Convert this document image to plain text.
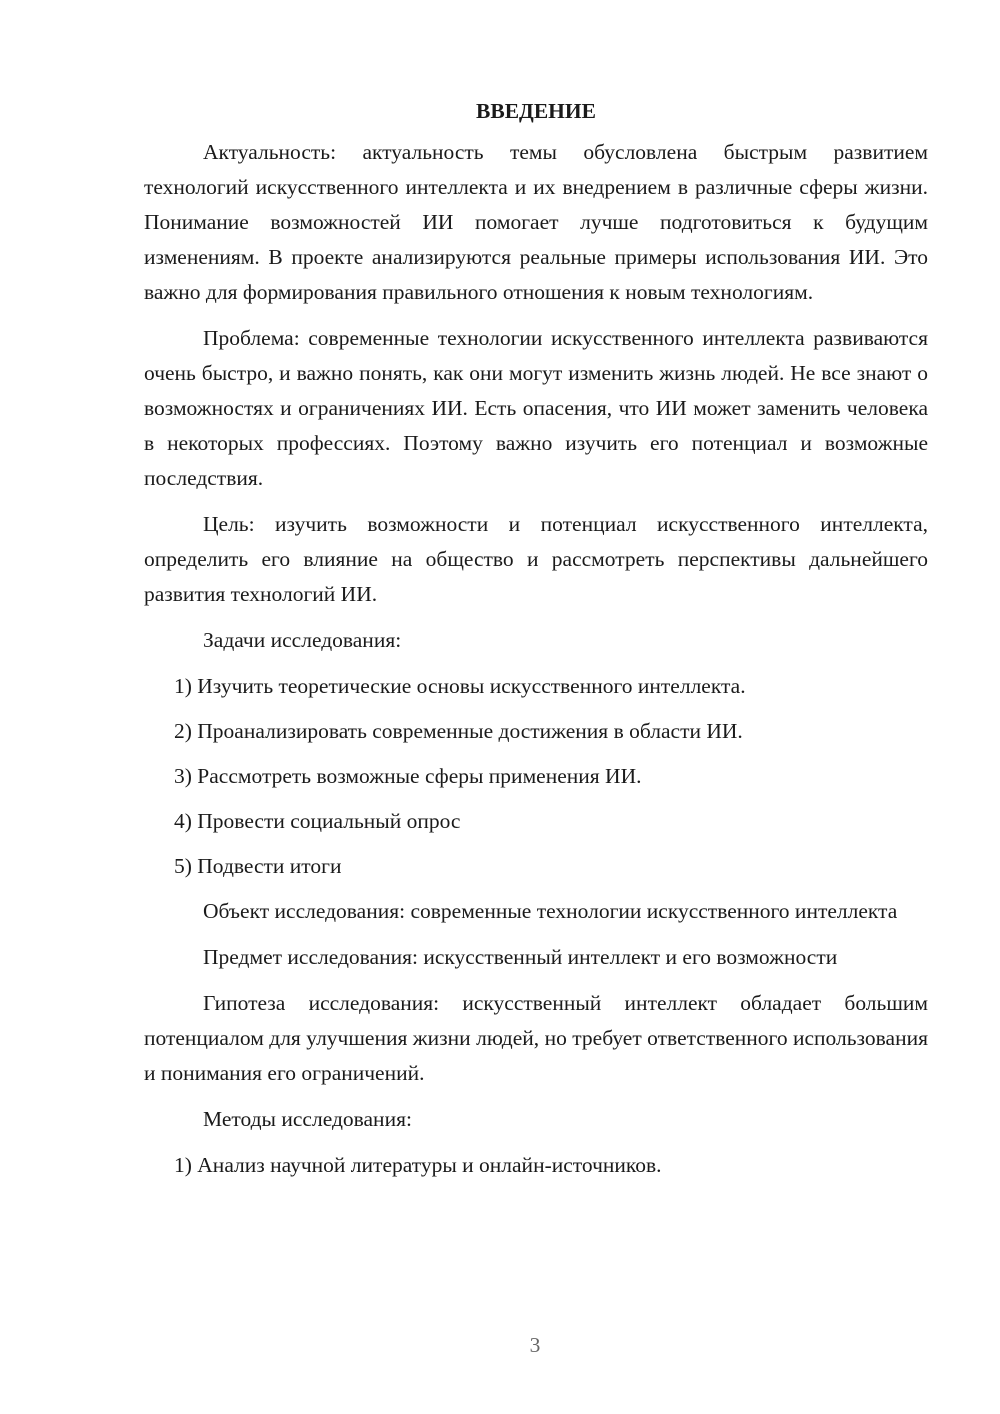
ВВЕДЕНИЕ

Актуальность: актуальность темы обусловлена быстрым развитием технологий искусственного интеллекта и их внедрением в различные сферы жизни. Понимание возможностей ИИ помогает лучше подготовиться к будущим изменениям. В проекте анализируются реальные примеры использования ИИ. Это важно для формирования правильного отношения к новым технологиям.

Проблема: современные технологии искусственного интеллекта развиваются очень быстро, и важно понять, как они могут изменить жизнь людей. Не все знают о возможностях и ограничениях ИИ. Есть опасения, что ИИ может заменить человека в некоторых профессиях. Поэтому важно изучить его потенциал и возможные последствия.

Цель: изучить возможности и потенциал искусственного интеллекта, определить его влияние на общество и рассмотреть перспективы дальнейшего развития технологий ИИ.

Задачи исследования:

1) Изучить теоретические основы искусственного интеллекта.

2) Проанализировать современные достижения в области ИИ.

3) Рассмотреть возможные сферы применения ИИ.

4) Провести социальный опрос

5) Подвести итоги

Объект исследования: современные технологии искусственного интеллекта

Предмет исследования: искусственный интеллект и его возможности

Гипотеза исследования: искусственный интеллект обладает большим потенциалом для улучшения жизни людей, но требует ответственного использования и понимания его ограничений.

Методы исследования:

1) Анализ научной литературы и онлайн-источников.

3
